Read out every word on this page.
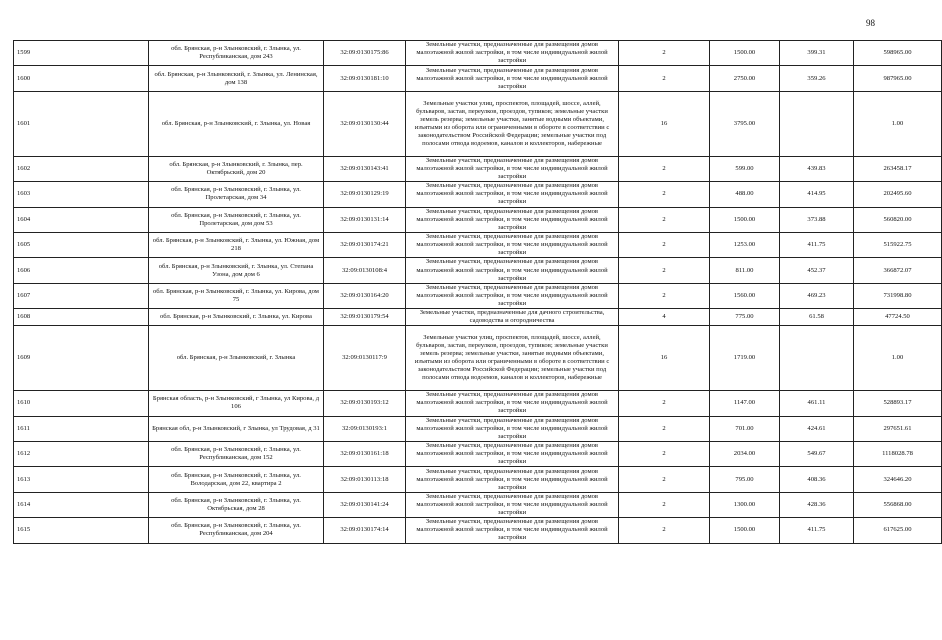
98
1599	обл. Брянская, р-н Злынковский, г. Злынка, ул. Республиканская, дом 243	32:09:0130175:86	Земельные участки, предназначенные для размещения домов малоэтажной жилой застройки, в том числе индивидуальной жилой застройки	2	1500.00	399.31	598965.00
1600	обл. Брянская, р-н Злынковский, г. Злынка, ул. Ленинская, дом 138	32:09:0130181:10	Земельные участки, предназначенные для размещения домов малоэтажной жилой застройки, в том числе индивидуальной жилой застройки	2	2750.00	359.26	987965.00
1601	обл. Брянская, р-н Злынковский, г. Злынка, ул. Новая	32:09:0130130:44	Земельные участки улиц, проспектов, площадей, шоссе, аллей, бульваров, застав, переулков, проездов, тупиков; земельные участки земель резерва; земельные участки, занятые водными объектами, изъятыми из оборота или ограниченными в обороте в соответствии с законодательством Российской Федерации; земельные участки под полосами отвода водоемов, каналов и коллекторов, набережные	16	3795.00		1.00
1602	обл. Брянская, р-н Злынковский, г. Злынка, пер. Октябрьский, дом 20	32:09:0130143:41	Земельные участки, предназначенные для размещения домов малоэтажной жилой застройки, в том числе индивидуальной жилой застройки	2	599.00	439.83	263458.17
1603	обл. Брянская, р-н Злынковский, г. Злынка, ул. Пролетарская, дом 34	32:09:0130129:19	Земельные участки, предназначенные для размещения домов малоэтажной жилой застройки, в том числе индивидуальной жилой застройки	2	488.00	414.95	202495.60
1604	обл. Брянская, р-н Злынковский, г. Злынка, ул. Пролетарская, дом дом 53	32:09:0130131:14	Земельные участки, предназначенные для размещения домов малоэтажной жилой застройки, в том числе индивидуальной жилой застройки	2	1500.00	373.88	560820.00
1605	обл. Брянская, р-н Злынковский, г. Злынка, ул. Южная, дом 218	32:09:0130174:21	Земельные участки, предназначенные для размещения домов малоэтажной жилой застройки, в том числе индивидуальной жилой застройки	2	1253.00	411.75	515922.75
1606	обл. Брянская, р-н Злынковский, г. Злынка, ул. Степана Узона, дом дом 6	32:09:0130108:4	Земельные участки, предназначенные для размещения домов малоэтажной жилой застройки, в том числе индивидуальной жилой застройки	2	811.00	452.37	366872.07
1607	обл. Брянская, р-н Злынковский, г. Злынка, ул. Кирова, дом 75	32:09:0130164:20	Земельные участки, предназначенные для размещения домов малоэтажной жилой застройки, в том числе индивидуальной жилой застройки	2	1560.00	469.23	731998.80
1608	обл. Брянская, р-н Злынковский, г. Злынка, ул. Кирова	32:09:0130179:54	Земельные участки, предназначенные для дачного строительства, садоводства и огородничества	4	775.00	61.58	47724.50
1609	обл. Брянская, р-н Злынковский, г. Злынка	32:09:0130117:9	Земельные участки улиц, проспектов, площадей, шоссе, аллей, бульваров, застав, переулков, проездов, тупиков; земельные участки земель резерва; земельные участки, занятые водными объектами, изъятыми из оборота или ограниченными в обороте в соответствии с законодательством Российской Федерации; земельные участки под полосами отвода водоемов, каналов и коллекторов, набережные	16	1719.00		1.00
1610	Брянская область, р-н Злынковский, г Злынка, ул Кирова, д 106	32:09:0130193:12	Земельные участки, предназначенные для размещения домов малоэтажной жилой застройки, в том числе индивидуальной жилой застройки	2	1147.00	461.11	528893.17
1611	Брянская обл, р-н Злынковский, г Злынка, ул Трудовая, д 31	32:09:0130193:1	Земельные участки, предназначенные для размещения домов малоэтажной жилой застройки, в том числе индивидуальной жилой застройки	2	701.00	424.61	297651.61
1612	обл. Брянская, р-н Злынковский, г. Злынка, ул. Республиканская, дом 152	32:09:0130161:18	Земельные участки, предназначенные для размещения домов малоэтажной жилой застройки, в том числе индивидуальной жилой застройки	2	2034.00	549.67	1118028.78
1613	обл. Брянская, р-н Злынковский, г. Злынка, ул. Володарская, дом 22, квартира 2	32:09:0130113:18	Земельные участки, предназначенные для размещения домов малоэтажной жилой застройки, в том числе индивидуальной жилой застройки	2	795.00	408.36	324646.20
1614	обл. Брянская, р-н Злынковский, г. Злынка, ул. Октябрьская, дом 28	32:09:0130141:24	Земельные участки, предназначенные для размещения домов малоэтажной жилой застройки, в том числе индивидуальной жилой застройки	2	1300.00	428.36	556868.00
1615	обл. Брянская, р-н Злынковский, г. Злынка, ул. Республиканская, дом 204	32:09:0130174:14	Земельные участки, предназначенные для размещения домов малоэтажной жилой застройки, в том числе индивидуальной жилой застройки	2	1500.00	411.75	617625.00
